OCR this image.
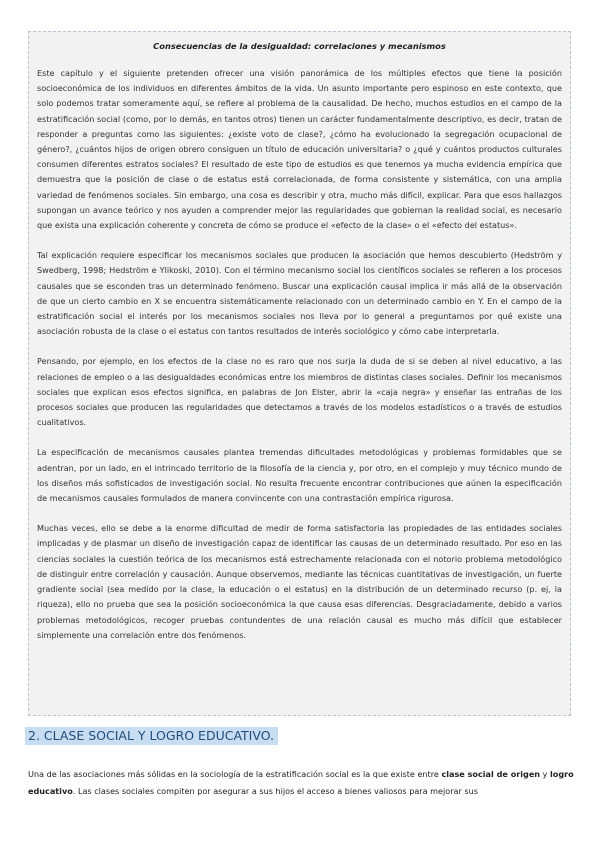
Consecuencias de la desigualdad: correlaciones y mecanismos

Este capítulo y el siguiente pretenden ofrecer una visión panorámica de los múltiples efectos que tiene la posición socioeconómica de los individuos en diferentes ámbitos de la vida. Un asunto importante pero espinoso en este contexto, que solo podemos tratar someramente aquí, se refiere al problema de la causalidad. De hecho, muchos estudios en el campo de la estratificación social (como, por lo demás, en tantos otros) tienen un carácter fundamentalmente descriptivo, es decir, tratan de responder a preguntas como las siguientes: ¿existe voto de clase?, ¿cómo ha evolucionado la segregación ocupacional de género?, ¿cuántos hijos de origen obrero consiguen un título de educación universitaria? o ¿qué y cuántos productos culturales consumen diferentes estratos sociales? El resultado de este tipo de estudios es que tenemos ya mucha evidencia empírica que demuestra que la posición de clase o de estatus está correlacionada, de forma consistente y sistemática, con una amplia variedad de fenómenos sociales. Sin embargo, una cosa es describir y otra, mucho más difícil, explicar. Para que esos hallazgos supongan un avance teórico y nos ayuden a comprender mejor las regularidades que gobiernan la realidad social, es necesario que exista una explicación coherente y concreta de cómo se produce el «efecto de la clase» o el «efecto del estatus».

Tal explicación requiere especificar los mecanismos sociales que producen la asociación que hemos descubierto (Hedström y Swedberg, 1998; Hedström e Ylikoski, 2010). Con el término mecanismo social los científicos sociales se refieren a los procesos causales que se esconden tras un determinado fenómeno. Buscar una explicación causal implica ir más allá de la observación de que un cierto cambio en X se encuentra sistemáticamente relacionado con un determinado cambio en Y. En el campo de la estratificación social el interés por los mecanismos sociales nos lleva por lo general a preguntarnos por qué existe una asociación robusta de la clase o el estatus con tantos resultados de interés sociológico y cómo cabe interpretarla.

Pensando, por ejemplo, en los efectos de la clase no es raro que nos surja la duda de si se deben al nivel educativo, a las relaciones de empleo o a las desigualdades económicas entre los miembros de distintas clases sociales. Definir los mecanismos sociales que explican esos efectos significa, en palabras de Jon Elster, abrir la «caja negra» y enseñar las entrañas de los procesos sociales que producen las regularidades que detectamos a través de los modelos estadísticos o a través de estudios cualitativos.

La especificación de mecanismos causales plantea tremendas dificultades metodológicas y problemas formidables que se adentran, por un lado, en el intrincado territorio de la filosofía de la ciencia y, por otro, en el complejo y muy técnico mundo de los diseños más sofisticados de investigación social. No resulta frecuente encontrar contribuciones que aúnen la especificación de mecanismos causales formulados de manera convincente con una contrastación empírica rigurosa.

Muchas veces, ello se debe a la enorme dificultad de medir de forma satisfactoria las propiedades de las entidades sociales implicadas y de plasmar un diseño de investigación capaz de identificar las causas de un determinado resultado. Por eso en las ciencias sociales la cuestión teórica de los mecanismos está estrechamente relacionada con el notorio problema metodológico de distinguir entre correlación y causación. Aunque observemos, mediante las técnicas cuantitativas de investigación, un fuerte gradiente social (sea medido por la clase, la educación o el estatus) en la distribución de un determinado recurso (p. ej, la riqueza), ello no prueba que sea la posición socioeconómica la que causa esas diferencias. Desgraciadamente, debido a varios problemas metodológicos, recoger pruebas contundentes de una relación causal es mucho más difícil que establecer simplemente una correlación entre dos fenómenos.

2. CLASE SOCIAL Y LOGRO EDUCATIVO.

Una de las asociaciones más sólidas en la sociología de la estratificación social es la que existe entre clase social de origen y logro educativo. Las clases sociales compiten por asegurar a sus hijos el acceso a bienes valiosos para mejorar sus
